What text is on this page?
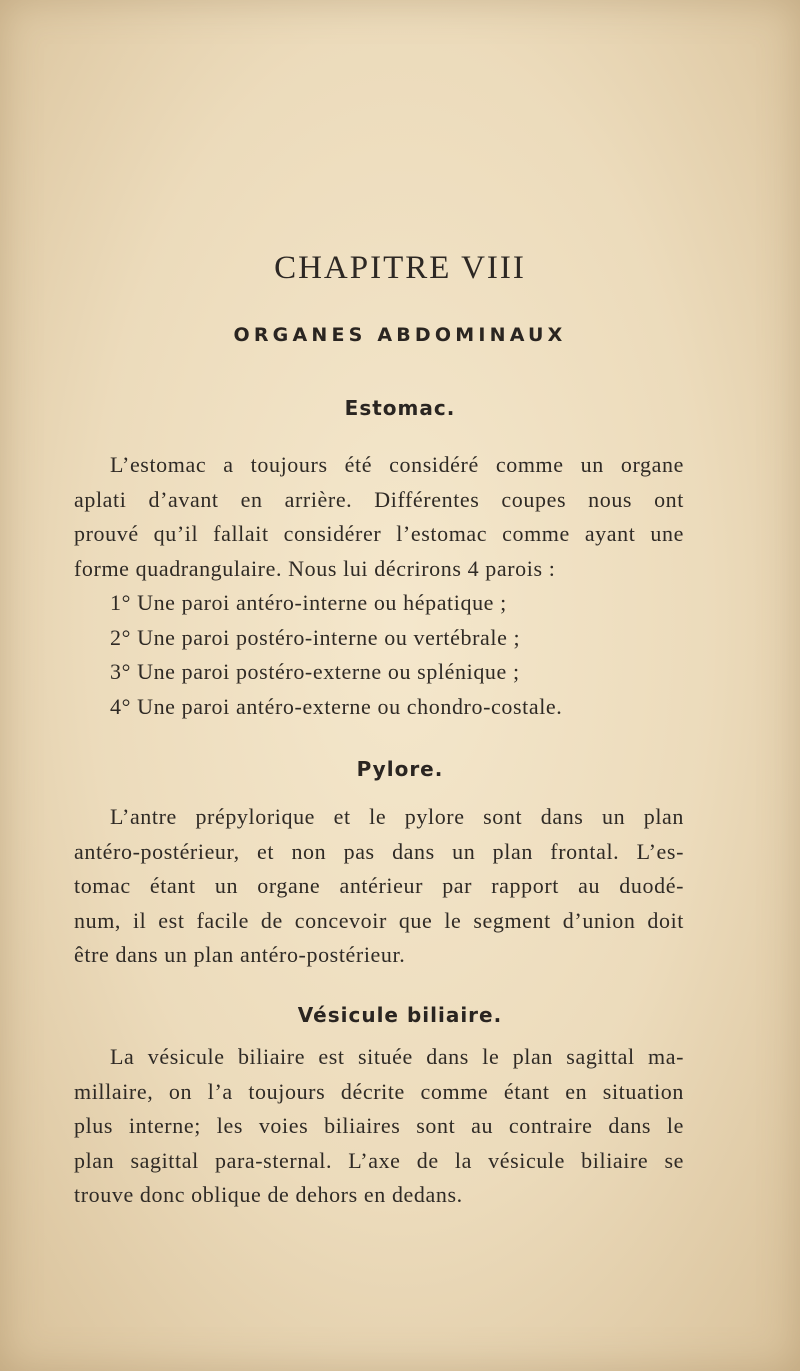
CHAPITRE VIII
ORGANES ABDOMINAUX
Estomac.
L’estomac a toujours été considéré comme un organe
aplati d’avant en arrière. Différentes coupes nous ont
prouvé qu’il fallait considérer l’estomac comme ayant une
forme quadrangulaire. Nous lui décrirons 4 parois :
1° Une paroi antéro-interne ou hépatique ;
2° Une paroi postéro-interne ou vertébrale ;
3° Une paroi postéro-externe ou splénique ;
4° Une paroi antéro-externe ou chondro-costale.
Pylore.
L’antre prépylorique et le pylore sont dans un plan
antéro-postérieur, et non pas dans un plan frontal. L’es-
tomac étant un organe antérieur par rapport au duodé-
num, il est facile de concevoir que le segment d’union doit
être dans un plan antéro-postérieur.
Vésicule biliaire.
La vésicule biliaire est située dans le plan sagittal ma-
millaire, on l’a toujours décrite comme étant en situation
plus interne; les voies biliaires sont au contraire dans le
plan sagittal para-sternal. L’axe de la vésicule biliaire se
trouve donc oblique de dehors en dedans.
